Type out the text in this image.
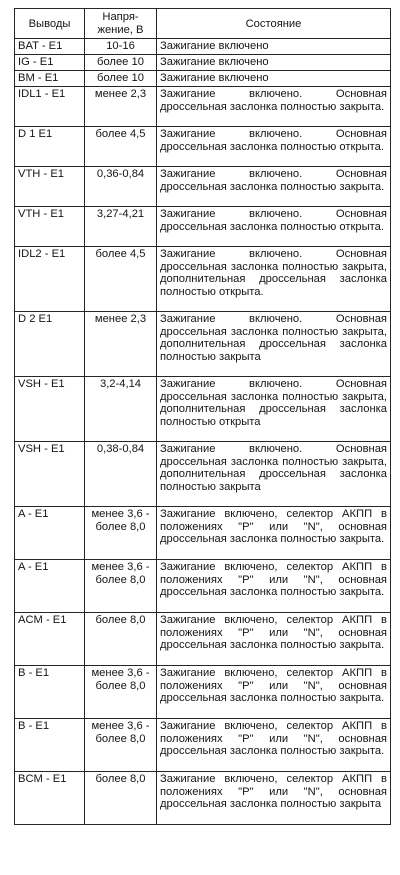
Выводы	Напря-жение, В	Состояние
BAT - E1	10-16	Зажигание включено
IG - E1	более 10	Зажигание включено
BM - E1	более 10	Зажигание включено
IDL1 - E1	менее 2,3	Зажигание включено. Основная дроссельная заслонка полностью закрыта.
D 1 E1	более 4,5	Зажигание включено. Основная дроссельная заслонка полностью открыта.
VTH - E1	0,36-0,84	Зажигание включено. Основная дроссельная заслонка полностью закрыта.
VTH - E1	3,27-4,21	Зажигание включено. Основная дроссельная заслонка полностью открыта.
IDL2 - E1	более 4,5	Зажигание включено. Основная дроссельная заслонка полностью закрыта, дополнительная дроссельная заслонка полностью открыта.
D 2 E1	менее 2,3	Зажигание включено. Основная дроссельная заслонка полностью закрыта, дополнительная дроссельная заслонка полностью закрыта
VSH - E1	3,2-4,14	Зажигание включено. Основная дроссельная заслонка полностью закрыта, дополнительная дроссельная заслонка полностью открыта
VSH - E1	0,38-0,84	Зажигание включено. Основная дроссельная заслонка полностью закрыта, дополнительная дроссельная заслонка полностью закрыта
A - E1	менее 3,6 - более 8,0	Зажигание включено, селектор АКПП в положениях "P" или "N", основная дроссельная заслонка полностью закрыта.
A - E1	менее 3,6 - более 8,0	Зажигание включено, селектор АКПП в положениях "P" или "N", основная дроссельная заслонка полностью закрыта.
ACM - E1	более 8,0	Зажигание включено, селектор АКПП в положениях "P" или "N", основная дроссельная заслонка полностью закрыта.
B - E1	менее 3,6 - более 8,0	Зажигание включено, селектор АКПП в положениях "P" или "N", основная дроссельная заслонка полностью закрыта.
B - E1	менее 3,6 - более 8,0	Зажигание включено, селектор АКПП в положениях "P" или "N", основная дроссельная заслонка полностью закрыта.
BCM - E1	более 8,0	Зажигание включено, селектор АКПП в положениях "P" или "N", основная дроссельная заслонка полностью закрыта
